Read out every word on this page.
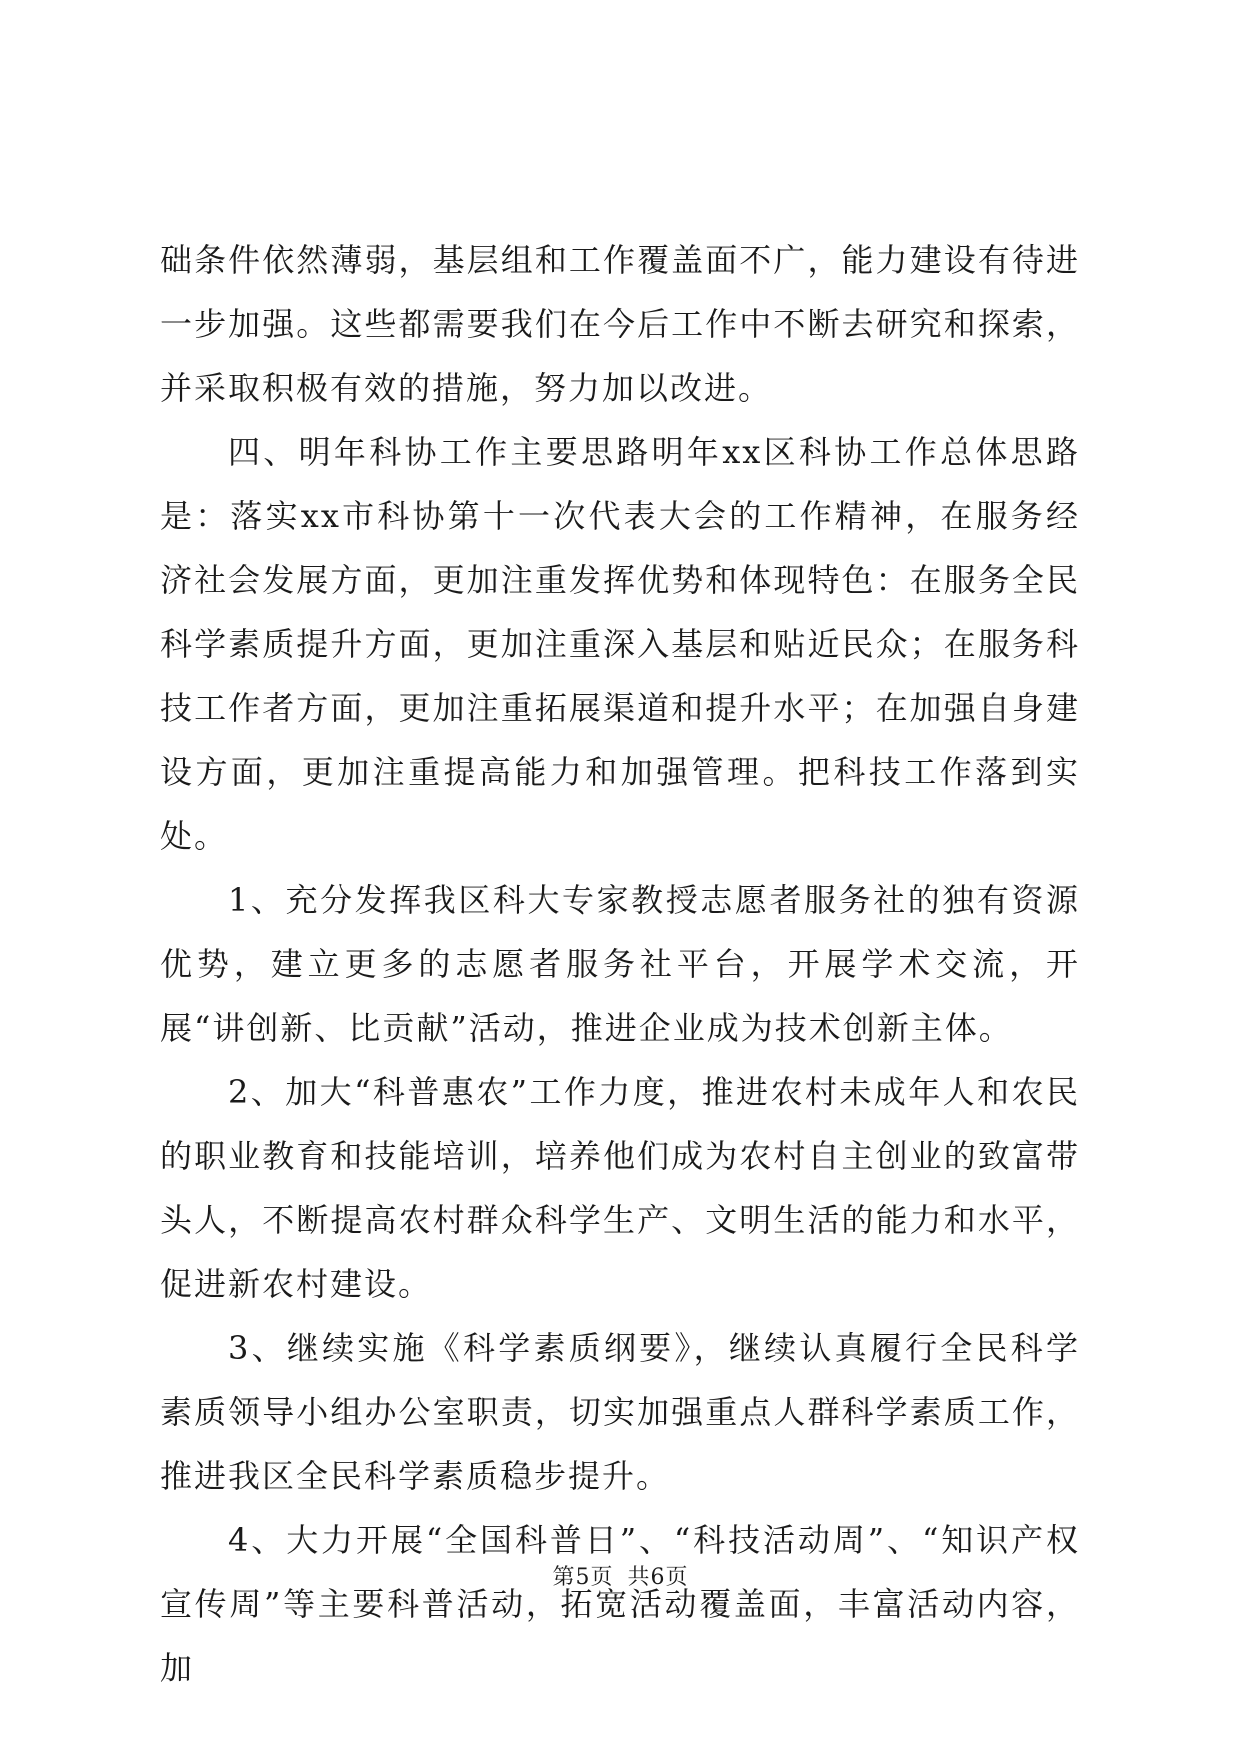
础条件依然薄弱，基层组和工作覆盖面不广，能力建设有待进一步加强。这些都需要我们在今后工作中不断去研究和探索，并采取积极有效的措施，努力加以改进。

四、明年科协工作主要思路明年xx区科协工作总体思路是：落实xx市科协第十一次代表大会的工作精神，在服务经济社会发展方面，更加注重发挥优势和体现特色：在服务全民科学素质提升方面，更加注重深入基层和贴近民众；在服务科技工作者方面，更加注重拓展渠道和提升水平；在加强自身建设方面，更加注重提高能力和加强管理。把科技工作落到实处。

1、充分发挥我区科大专家教授志愿者服务社的独有资源优势，建立更多的志愿者服务社平台，开展学术交流，开展“讲创新、比贡献”活动，推进企业成为技术创新主体。

2、加大“科普惠农”工作力度，推进农村未成年人和农民的职业教育和技能培训，培养他们成为农村自主创业的致富带头人，不断提高农村群众科学生产、文明生活的能力和水平，促进新农村建设。

3、继续实施《科学素质纲要》，继续认真履行全民科学素质领导小组办公室职责，切实加强重点人群科学素质工作，推进我区全民科学素质稳步提升。

4、大力开展“全国科普日”、“科技活动周”、“知识产权宣传周”等主要科普活动，拓宽活动覆盖面，丰富活动内容，加

第5页 共6页
